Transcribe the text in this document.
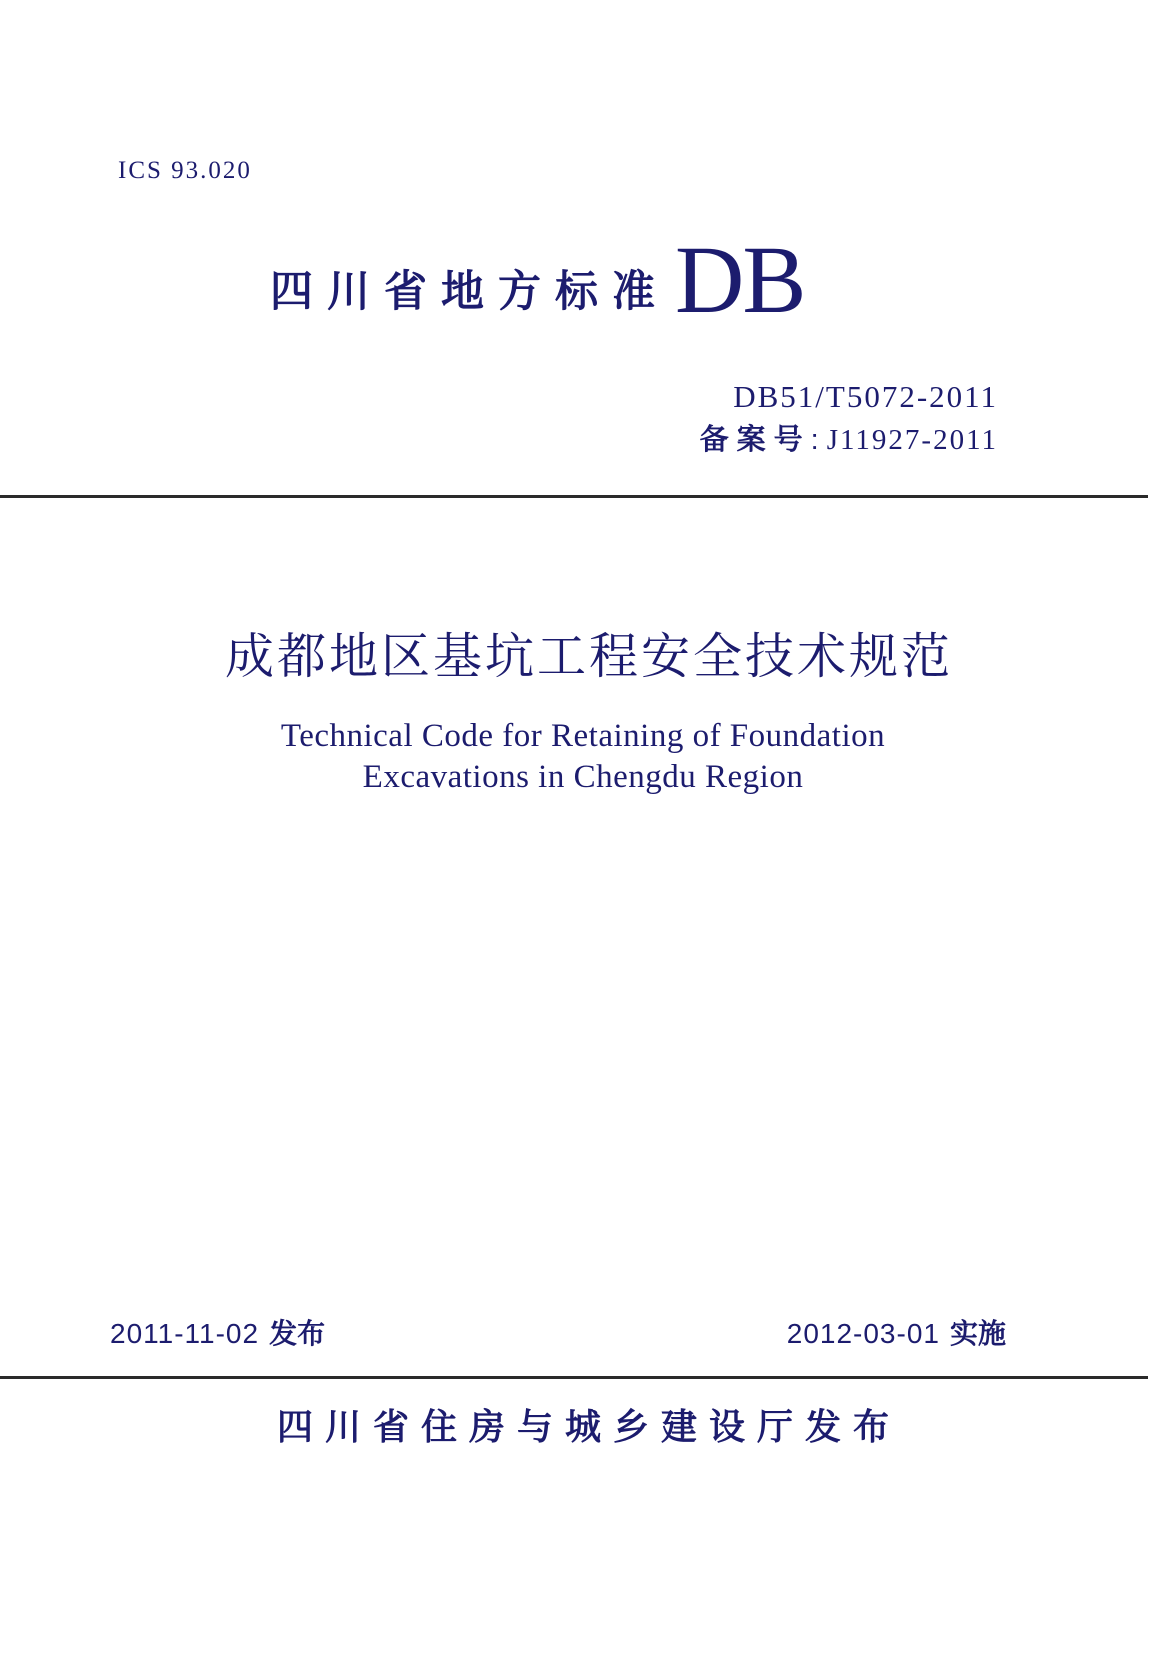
ICS 93.020
四川省地方标准 DB
DB51/T5072-2011
备案号 : J11927-2011
成都地区基坑工程安全技术规范
Technical Code for Retaining of Foundation
Excavations in Chengdu Region
2011-11-02 发布	2012-03-01 实施
四川省住房与城乡建设厅发布
